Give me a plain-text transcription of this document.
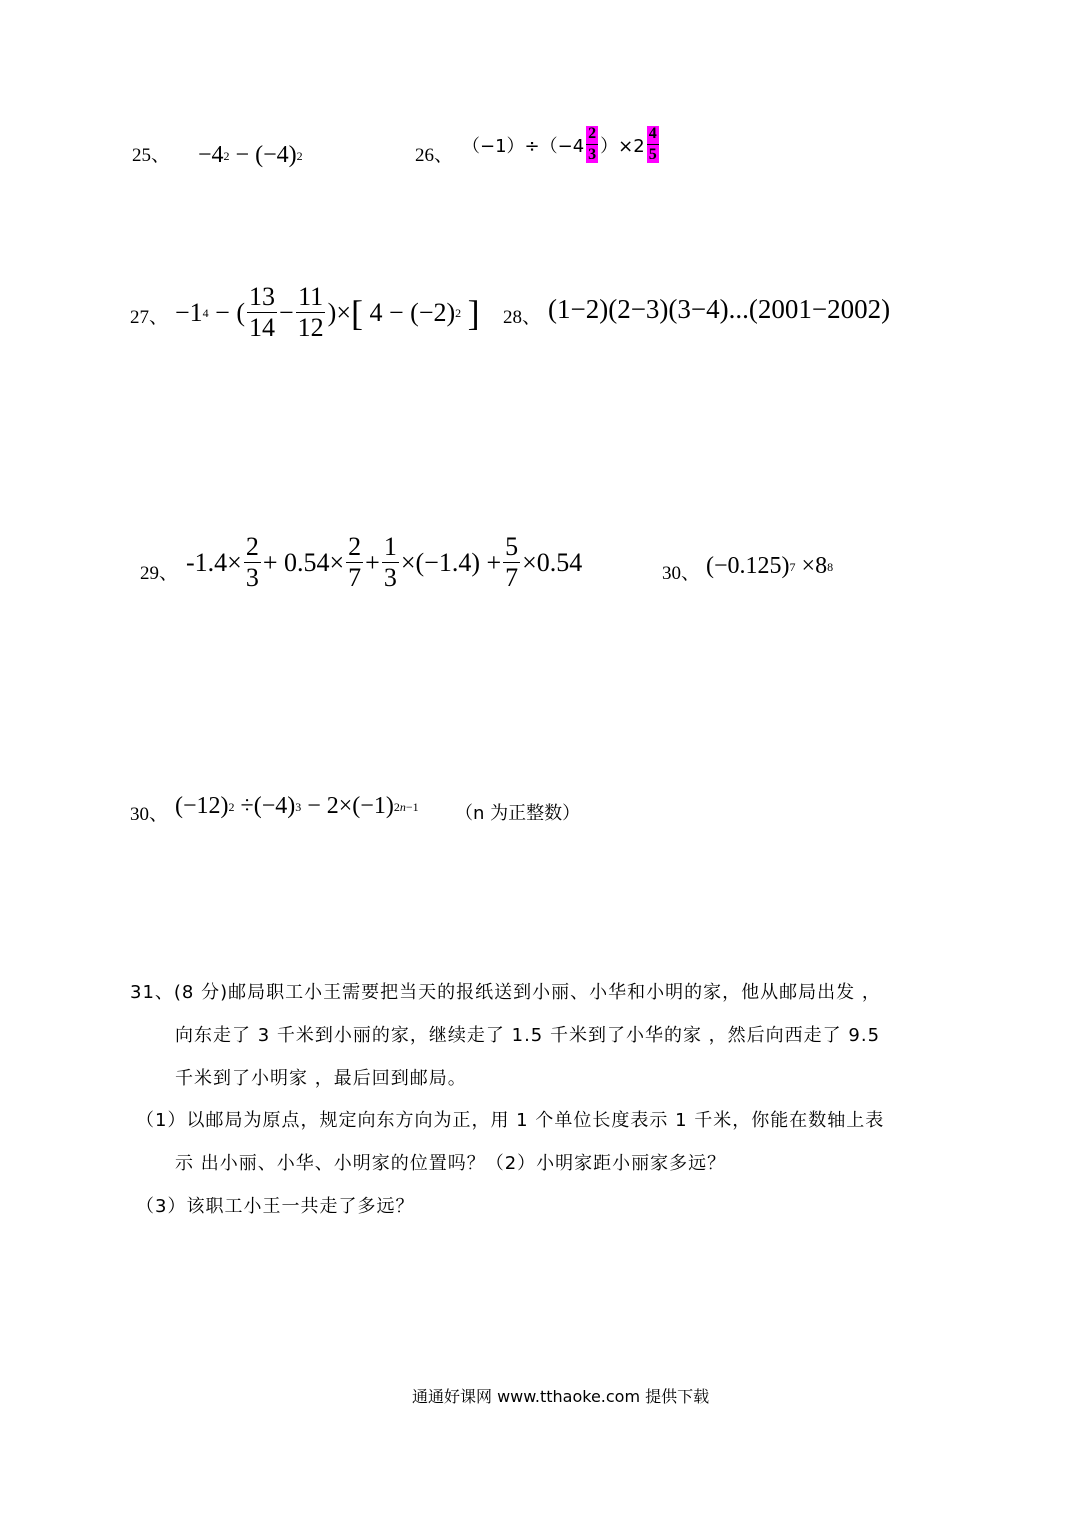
25、 −4 2 − (−4) 2	26、 $(-1)\div(-4 \frac{2}{3} )\times 2 \frac{4}{5}$
27、 −1 4 − ( $\frac{13}{14} - \frac{11}{12}$ )× [ 4 − (−2) 2
] 28、 (1−2)(2−3)(3−4)...(2001−2002)
29、 $-1.4\times \frac{2}{3} + 0.54\times \frac{2}{7} + \frac{1}{3} \times(-1.4) + \frac{5}{7} \times 0.54$	30、 (−0.125) 7 ×8 8
30、 (−12) 2 ÷(−4) 3 − 2×(−1) 2n−1 （n 为正整数）
31、(8 分)邮局职工小王需要把当天的报纸送到小丽、小华和小明的家，他从邮局出发 ，
向东走了 3 千米到小丽的家，继续走了 1.5 千米到了小华的家 ，然后向西走了 9.5
千米到了小明家 ，最后回到邮局。
（1）以邮局为原点，规定向东方向为正，用 1 个单位长度表示 1 千米，你能在数轴上表
示 出小丽、小华、小明家的位置吗？（2）小明家距小丽家多远？
（3）该职工小王一共走了多远？
通通好课网 www.tthaoke.com 提供下载
